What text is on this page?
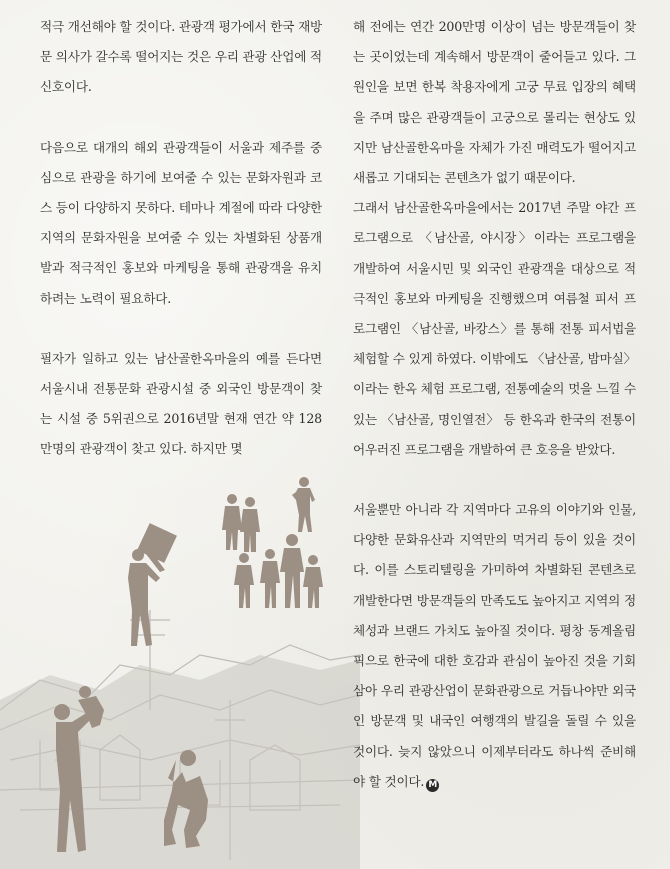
적극 개선해야 할 것이다. 관광객 평가에서 한국 재방문 의사가 갈수록 떨어지는 것은 우리 관광 산업에 적신호이다.

다음으로 대개의 해외 관광객들이 서울과 제주를 중심으로 관광을 하기에 보여줄 수 있는 문화자원과 코스 등이 다양하지 못하다. 테마나 계절에 따라 다양한 지역의 문화자원을 보여줄 수 있는 차별화된 상품개발과 적극적인 홍보와 마케팅을 통해 관광객을 유치하려는 노력이 필요하다.

필자가 일하고 있는 남산골한옥마을의 예를 든다면 서울시내 전통문화 관광시설 중 외국인 방문객이 찾는 시설 중 5위권으로 2016년말 현재 연간 약 128만명의 관광객이 찾고 있다. 하지만 몇

해 전에는 연간 200만명 이상이 넘는 방문객들이 찾는 곳이었는데 계속해서 방문객이 줄어들고 있다. 그 원인을 보면 한복 착용자에게 고궁 무료 입장의 혜택을 주며 많은 관광객들이 고궁으로 몰리는 현상도 있지만 남산골한옥마을 자체가 가진 매력도가 떨어지고 새롭고 기대되는 콘텐츠가 없기 때문이다.

그래서 남산골한옥마을에서는 2017년 주말 야간 프로그램으로 〈남산골, 야시장〉이라는 프로그램을 개발하여 서울시민 및 외국인 관광객을 대상으로 적극적인 홍보와 마케팅을 진행했으며 여름철 피서 프로그램인 〈남산골, 바캉스〉를 통해 전통 피서법을 체험할 수 있게 하였다. 이밖에도 〈남산골, 밤마실〉이라는 한옥 체험 프로그램, 전통예술의 멋을 느낄 수 있는 〈남산골, 명인열전〉 등 한옥과 한국의 전통이 어우러진 프로그램을 개발하여 큰 호응을 받았다.

서울뿐만 아니라 각 지역마다 고유의 이야기와 인물, 다양한 문화유산과 지역만의 먹거리 등이 있을 것이다. 이를 스토리텔링을 가미하여 차별화된 콘텐츠로 개발한다면 방문객들의 만족도도 높아지고 지역의 정체성과 브랜드 가치도 높아질 것이다. 평창 동계올림픽으로 한국에 대한 호감과 관심이 높아진 것을 기회삼아 우리 관광산업이 문화관광으로 거듭나야만 외국인 방문객 및 내국인 여행객의 발길을 돌릴 수 있을 것이다. 늦지 않았으니 이제부터라도 하나씩 준비해야 할 것이다. M
